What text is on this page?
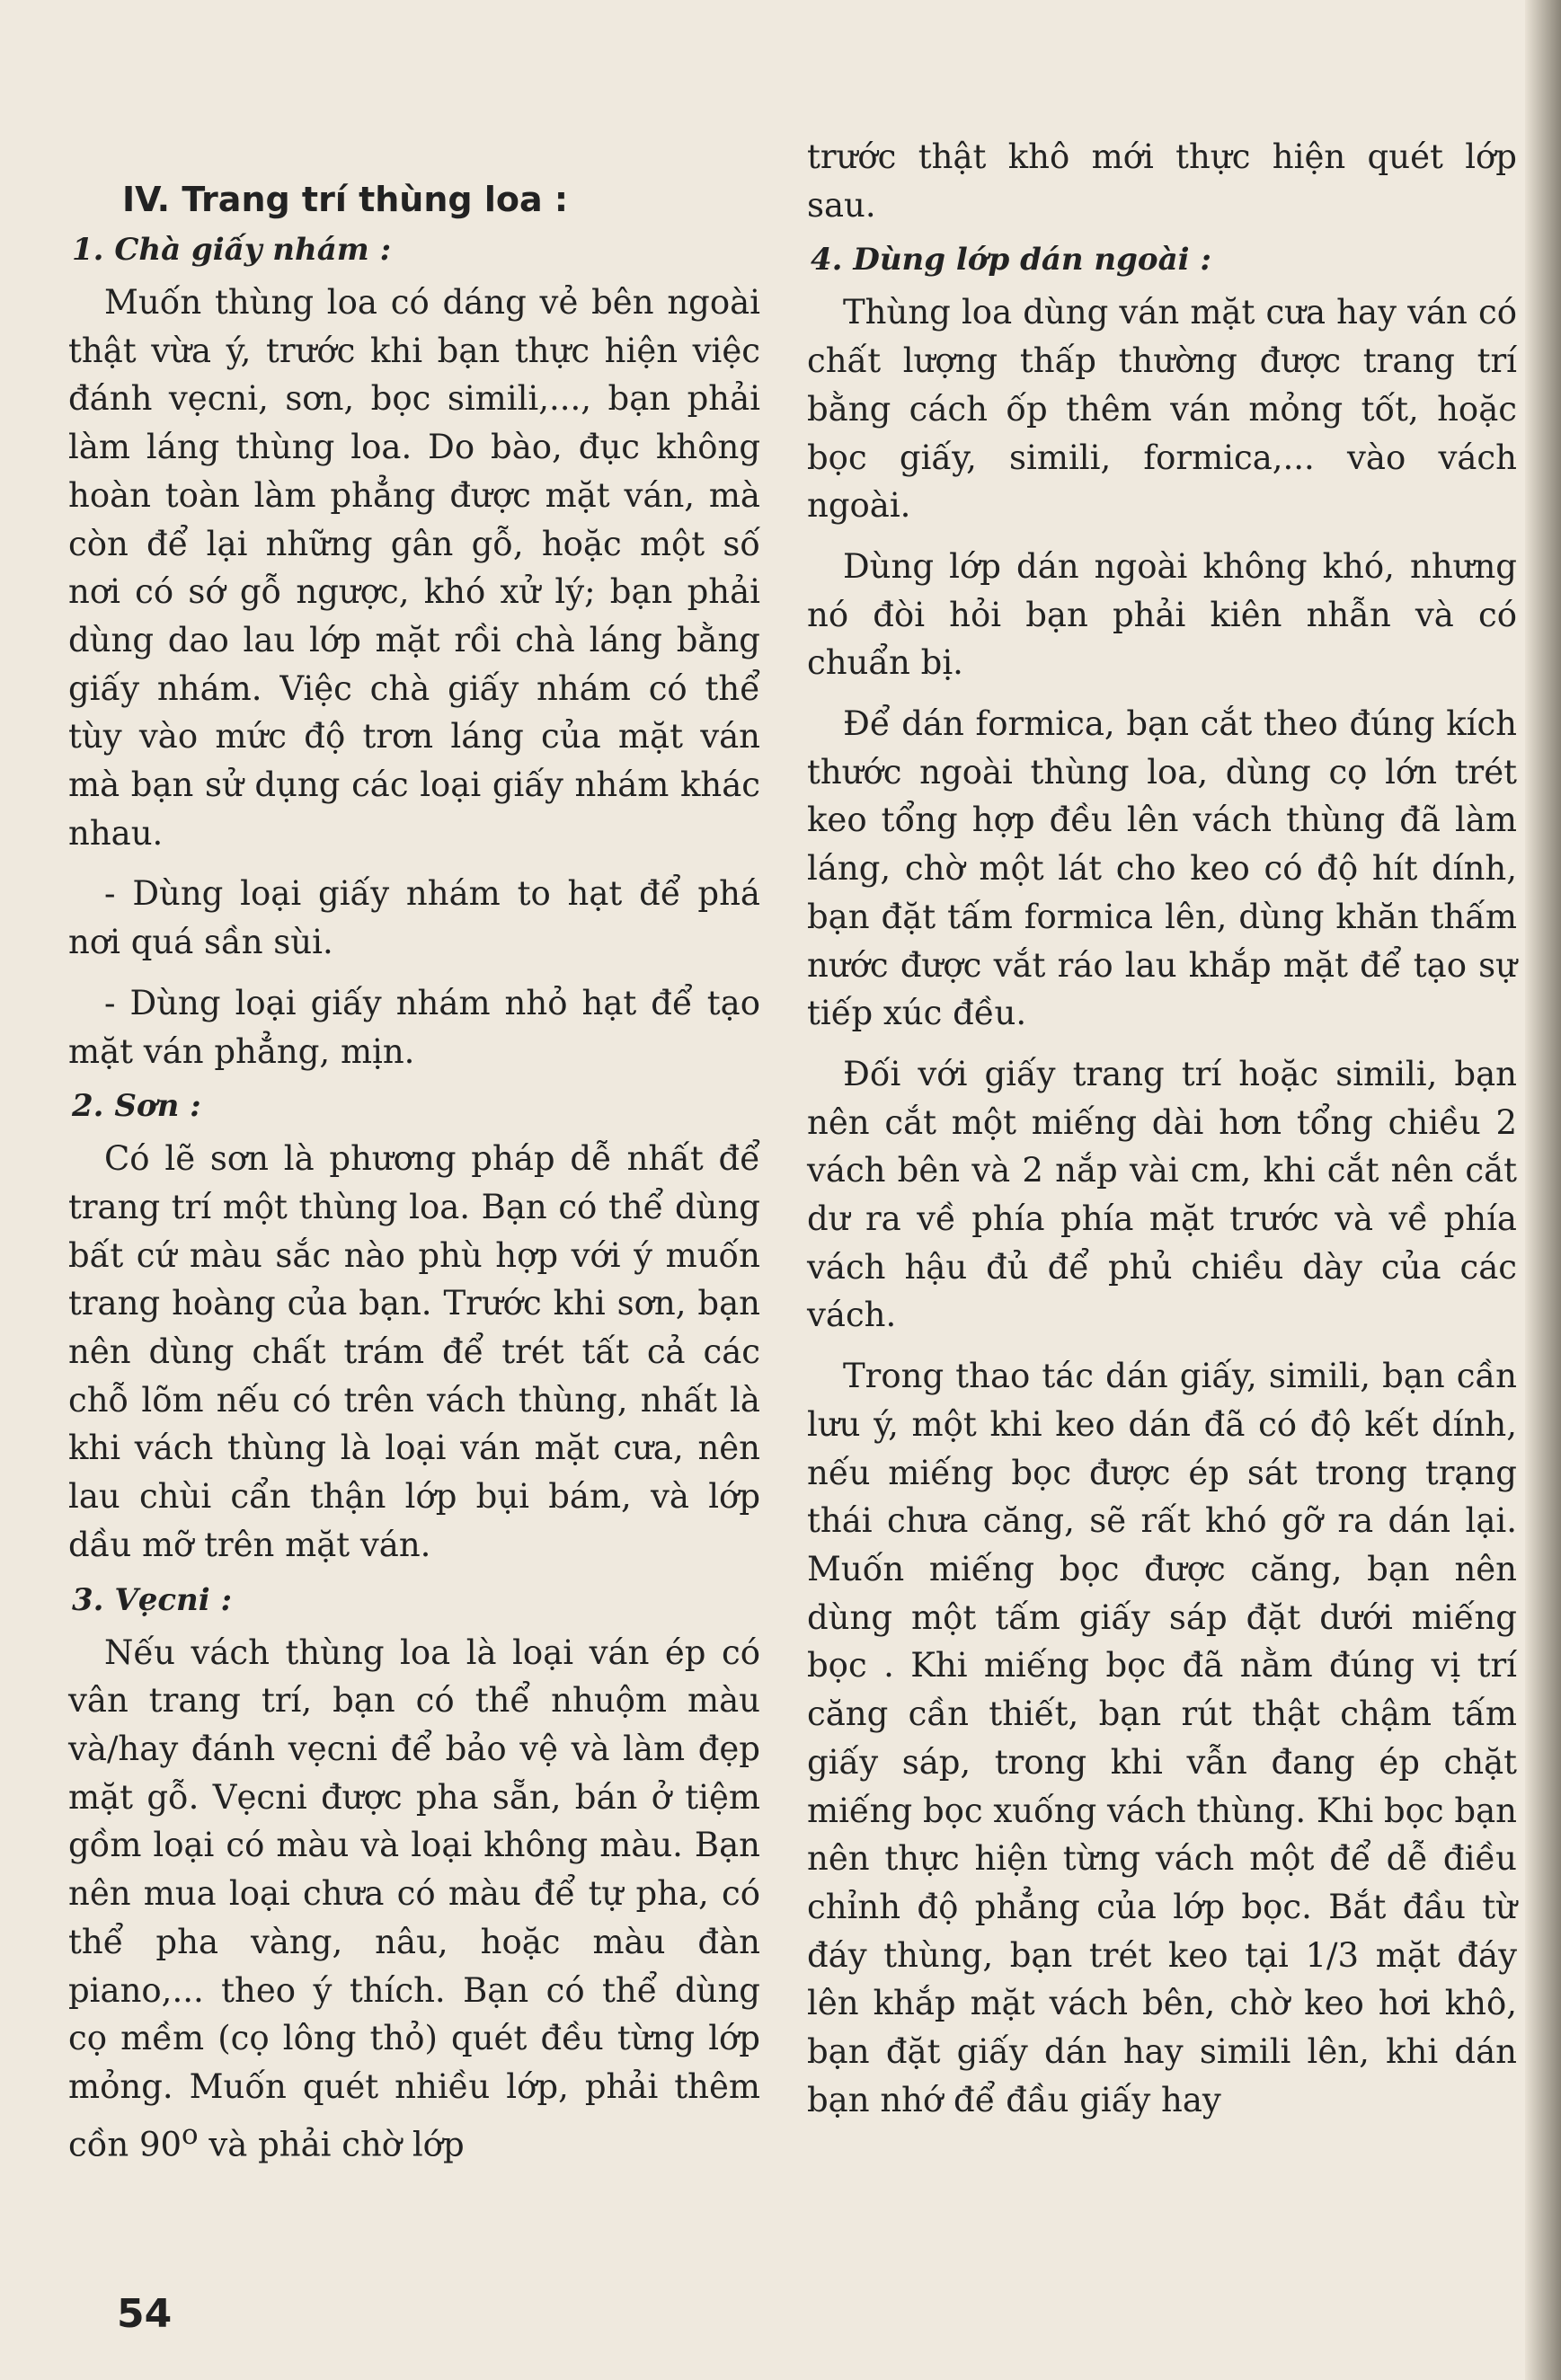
IV. Trang trí thùng loa :
1. Chà giấy nhám :

Muốn thùng loa có dáng vẻ bên ngoài thật vừa ý, trước khi bạn thực hiện việc đánh vẹcni, sơn, bọc simili,..., bạn phải làm láng thùng loa. Do bào, đục không hoàn toàn làm phẳng được mặt ván, mà còn để lại những gân gỗ, hoặc một số nơi có sớ gỗ ngược, khó xử lý; bạn phải dùng dao lau lớp mặt rồi chà láng bằng giấy nhám. Việc chà giấy nhám có thể tùy vào mức độ trơn láng của mặt ván mà bạn sử dụng các loại giấy nhám khác nhau.

- Dùng loại giấy nhám to hạt để phá nơi quá sần sùi.

- Dùng loại giấy nhám nhỏ hạt để tạo mặt ván phẳng, mịn.

2. Sơn :

Có lẽ sơn là phương pháp dễ nhất để trang trí một thùng loa. Bạn có thể dùng bất cứ màu sắc nào phù hợp với ý muốn trang hoàng của bạn. Trước khi sơn, bạn nên dùng chất trám để trét tất cả các chỗ lõm nếu có trên vách thùng, nhất là khi vách thùng là loại ván mặt cưa, nên lau chùi cẩn thận lớp bụi bám, và lớp dầu mỡ trên mặt ván.

3. Vẹcni :

Nếu vách thùng loa là loại ván ép có vân trang trí, bạn có thể nhuộm màu và/hay đánh vẹcni để bảo vệ và làm đẹp mặt gỗ. Vẹcni được pha sẵn, bán ở tiệm gồm loại có màu và loại không màu. Bạn nên mua loại chưa có màu để tự pha, có thể pha vàng, nâu, hoặc màu đàn piano,... theo ý thích. Bạn có thể dùng cọ mềm (cọ lông thỏ) quét đều từng lớp mỏng. Muốn quét nhiều lớp, phải thêm cồn 90$^o$ và phải chờ lớp

trước thật khô mới thực hiện quét lớp sau.

4. Dùng lớp dán ngoài :

Thùng loa dùng ván mặt cưa hay ván có chất lượng thấp thường được trang trí bằng cách ốp thêm ván mỏng tốt, hoặc bọc giấy, simili, formica,... vào vách ngoài.

Dùng lớp dán ngoài không khó, nhưng nó đòi hỏi bạn phải kiên nhẫn và có chuẩn bị.

Để dán formica, bạn cắt theo đúng kích thước ngoài thùng loa, dùng cọ lớn trét keo tổng hợp đều lên vách thùng đã làm láng, chờ một lát cho keo có độ hít dính, bạn đặt tấm formica lên, dùng khăn thấm nước được vắt ráo lau khắp mặt để tạo sự tiếp xúc đều.

Đối với giấy trang trí hoặc simili, bạn nên cắt một miếng dài hơn tổng chiều 2 vách bên và 2 nắp vài cm, khi cắt nên cắt dư ra về phía phía mặt trước và về phía vách hậu đủ để phủ chiều dày của các vách.

Trong thao tác dán giấy, simili, bạn cần lưu ý, một khi keo dán đã có độ kết dính, nếu miếng bọc được ép sát trong trạng thái chưa căng, sẽ rất khó gỡ ra dán lại. Muốn miếng bọc được căng, bạn nên dùng một tấm giấy sáp đặt dưới miếng bọc . Khi miếng bọc đã nằm đúng vị trí căng cần thiết, bạn rút thật chậm tấm giấy sáp, trong khi vẫn đang ép chặt miếng bọc xuống vách thùng. Khi bọc bạn nên thực hiện từng vách một để dễ điều chỉnh độ phẳng của lớp bọc. Bắt đầu từ đáy thùng, bạn trét keo tại 1/3 mặt đáy lên khắp mặt vách bên, chờ keo hơi khô, bạn đặt giấy dán hay simili lên, khi dán bạn nhớ để đầu giấy hay

54
